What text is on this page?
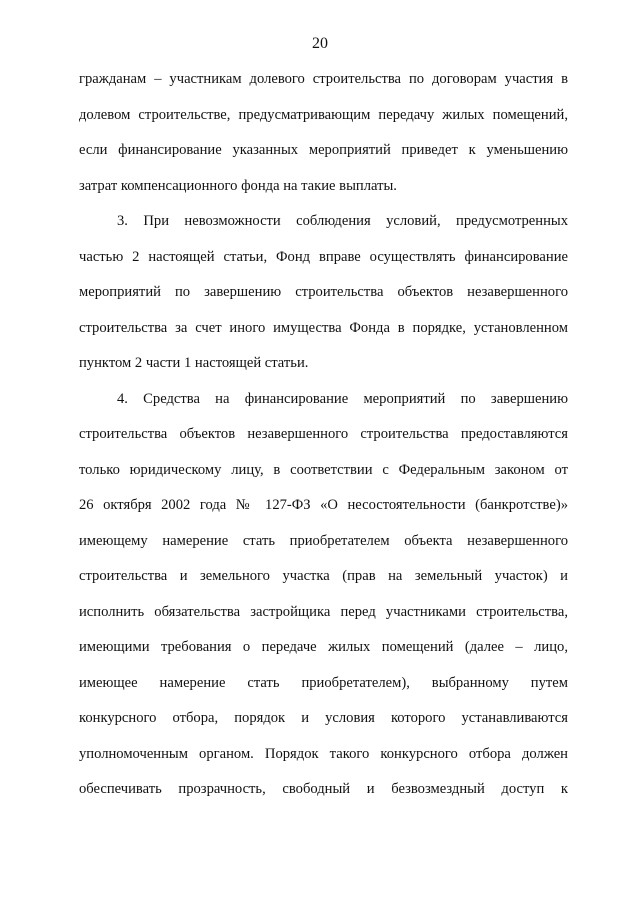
20
гражданам – участникам долевого строительства по договорам участия в
долевом строительстве, предусматривающим передачу жилых помещений,
если финансирование указанных мероприятий приведет к уменьшению
затрат компенсационного фонда на такие выплаты.
3. При невозможности соблюдения условий, предусмотренных
частью 2 настоящей статьи, Фонд вправе осуществлять финансирование
мероприятий по завершению строительства объектов незавершенного
строительства за счет иного имущества Фонда в порядке, установленном
пунктом 2 части 1 настоящей статьи.
4. Средства на финансирование мероприятий по завершению
строительства объектов незавершенного строительства предоставляются
только юридическому лицу, в соответствии с Федеральным законом от
26 октября 2002 года № 127-ФЗ «О несостоятельности (банкротстве)»
имеющему намерение стать приобретателем объекта незавершенного
строительства и земельного участка (прав на земельный участок) и
исполнить обязательства застройщика перед участниками строительства,
имеющими требования о передаче жилых помещений (далее – лицо,
имеющее намерение стать приобретателем), выбранному путем
конкурсного отбора, порядок и условия которого устанавливаются
уполномоченным органом. Порядок такого конкурсного отбора должен
обеспечивать прозрачность, свободный и безвозмездный доступ к
